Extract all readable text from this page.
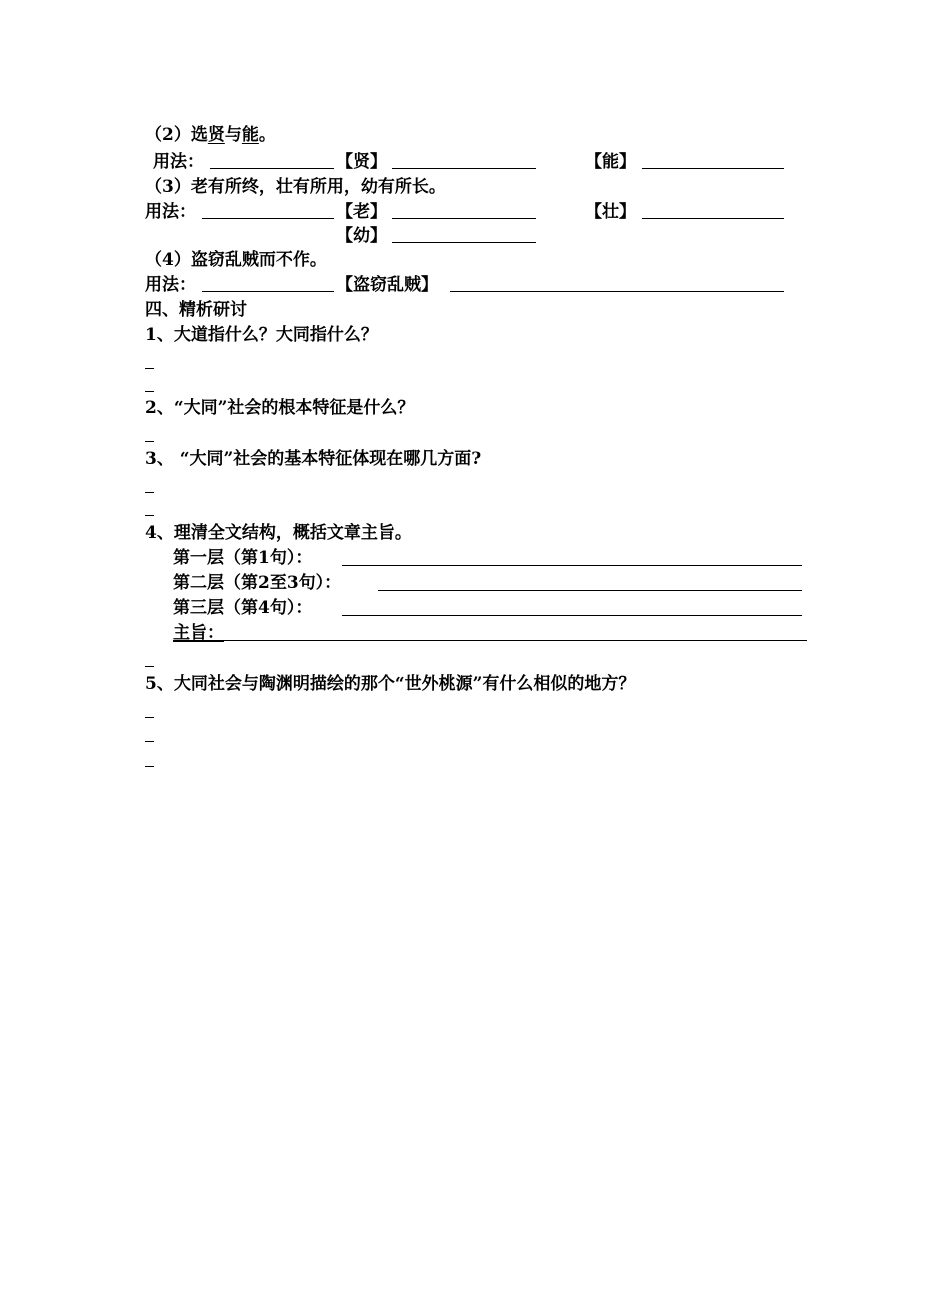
（2）选贤与能。
用法：	【贤】	【能】
（3）老有所终，壮有所用，幼有所长。
用法：	【老】	【壮】
【幼】
（4）盗窃乱贼而不作。
用法：	【盗窃乱贼】
四、精析研讨
1、大道指什么？大同指什么？
2、“大同”社会的根本特征是什么？
3、 “大同”社会的基本特征体现在哪几方面?
4、理清全文结构，概括文章主旨。
第一层（第1句）：
第二层（第2至3句）：
第三层（第4句）：
主旨：
5、大同社会与陶渊明描绘的那个“世外桃源”有什么相似的地方？
